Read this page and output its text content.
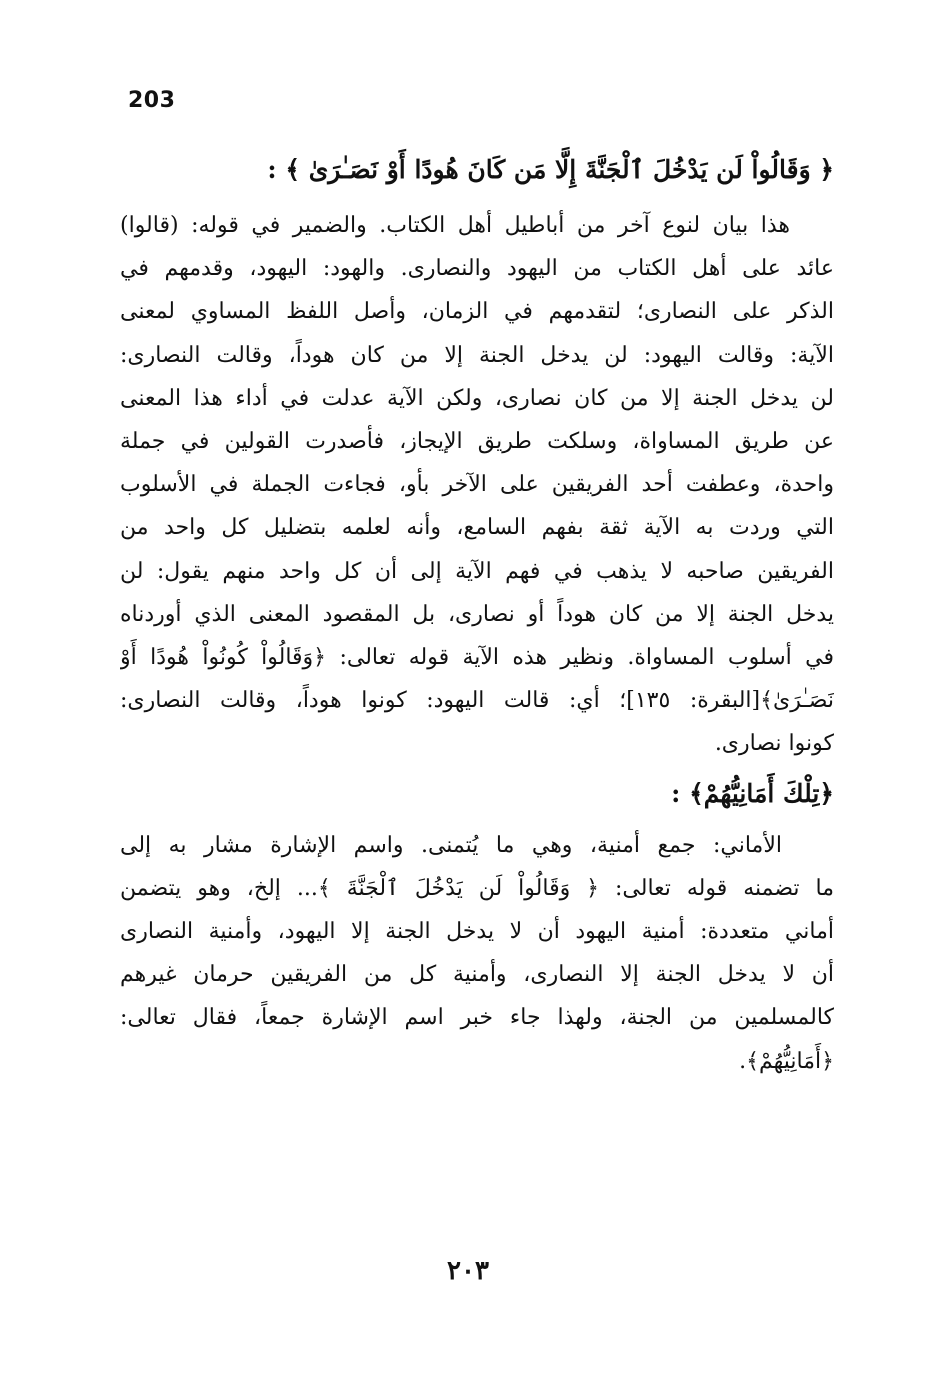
203
﴿ وَقَالُواْ لَن يَدْخُلَ ٱلْجَنَّةَ إِلَّا مَن كَانَ هُودًا أَوْ نَصَـٰرَىٰ ﴾ :
هذا بيان لنوع آخر من أباطيل أهل الكتاب. والضمير في قوله: (قالوا)
عائد على أهل الكتاب من اليهود والنصارى. والهود: اليهود، وقدمهم في
الذكر على النصارى؛ لتقدمهم في الزمان، وأصل اللفظ المساوي لمعنى
الآية: وقالت اليهود: لن يدخل الجنة إلا من كان هوداً، وقالت النصارى:
لن يدخل الجنة إلا من كان نصارى، ولكن الآية عدلت في أداء هذا المعنى
عن طريق المساواة، وسلكت طريق الإيجاز، فأصدرت القولين في جملة
واحدة، وعطفت أحد الفريقين على الآخر بأو، فجاءت الجملة في الأسلوب
التي وردت به الآية ثقة بفهم السامع، وأنه لعلمه بتضليل كل واحد من
الفريقين صاحبه لا يذهب في فهم الآية إلى أن كل واحد منهم يقول: لن
يدخل الجنة إلا من كان هوداً أو نصارى، بل المقصود المعنى الذي أوردناه
في أسلوب المساواة. ونظير هذه الآية قوله تعالى: ﴿وَقَالُواْ كُونُواْ هُودًا أَوْ
نَصَـٰرَىٰ﴾[البقرة: ١٣٥]؛ أي: قالت اليهود: كونوا هوداً، وقالت النصارى:
كونوا نصارى.
﴿تِلْكَ أَمَانِيُّهُمْ﴾ :
الأماني: جمع أمنية، وهي ما يُتمنى. واسم الإشارة مشار به إلى
ما تضمنه قوله تعالى: ﴿ وَقَالُواْ لَن يَدْخُلَ ٱلْجَنَّةَ ﴾... إلخ، وهو يتضمن
أماني متعددة: أمنية اليهود أن لا يدخل الجنة إلا اليهود، وأمنية النصارى
أن لا يدخل الجنة إلا النصارى، وأمنية كل من الفريقين حرمان غيرهم
كالمسلمين من الجنة، ولهذا جاء خبر اسم الإشارة جمعاً، فقال تعالى:
﴿أَمَانِيُّهُمْ﴾.
٢٠٣
